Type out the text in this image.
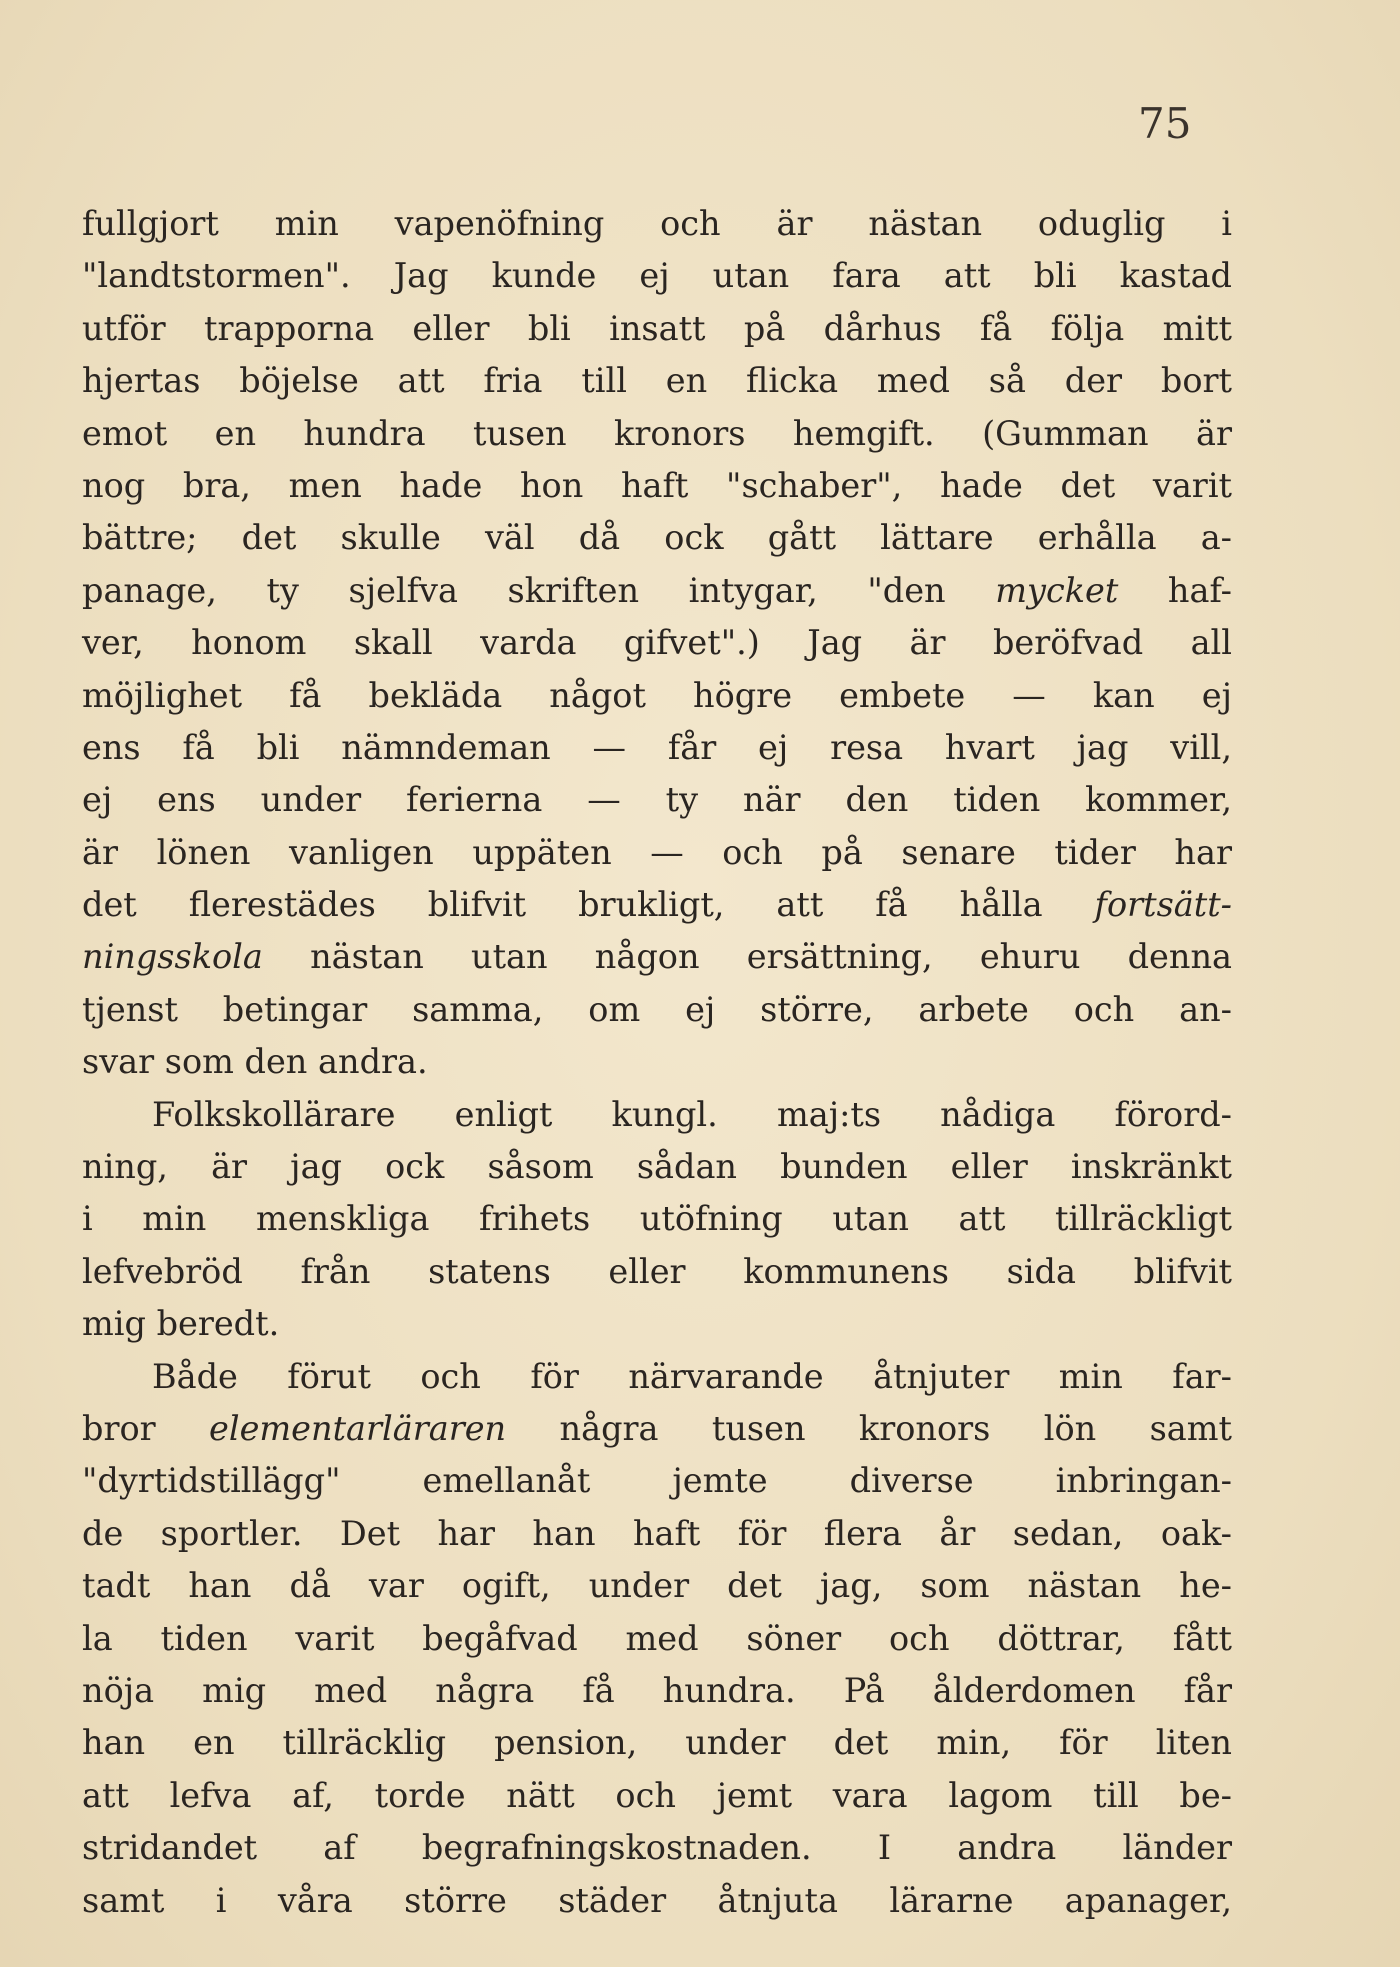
75
fullgjort min vapenöfning och är nästan oduglig i
"landtstormen". Jag kunde ej utan fara att bli kastad
utför trapporna eller bli insatt på dårhus få följa mitt
hjertas böjelse att fria till en flicka med så der bort
emot en hundra tusen kronors hemgift. (Gumman är
nog bra, men hade hon haft "schaber", hade det varit
bättre; det skulle väl då ock gått lättare erhålla a-
panage, ty sjelfva skriften intygar, "den mycket haf-
ver, honom skall varda gifvet".) Jag är beröfvad all
möjlighet få bekläda något högre embete — kan ej
ens få bli nämndeman — får ej resa hvart jag vill,
ej ens under ferierna — ty när den tiden kommer,
är lönen vanligen uppäten — och på senare tider har
det flerestädes blifvit brukligt, att få hålla fortsätt-
ningsskola nästan utan någon ersättning, ehuru denna
tjenst betingar samma, om ej större, arbete och an-
svar som den andra.
Folkskollärare enligt kungl. maj:ts nådiga förord-
ning, är jag ock såsom sådan bunden eller inskränkt
i min menskliga frihets utöfning utan att tillräckligt
lefvebröd från statens eller kommunens sida blifvit
mig beredt.
Både förut och för närvarande åtnjuter min far-
bror elementarläraren några tusen kronors lön samt
"dyrtidstillägg" emellanåt jemte diverse inbringan-
de sportler. Det har han haft för flera år sedan, oak-
tadt han då var ogift, under det jag, som nästan he-
la tiden varit begåfvad med söner och döttrar, fått
nöja mig med några få hundra. På ålderdomen får
han en tillräcklig pension, under det min, för liten
att lefva af, torde nätt och jemt vara lagom till be-
stridandet af begrafningskostnaden. I andra länder
samt i våra större städer åtnjuta lärarne apanager,
